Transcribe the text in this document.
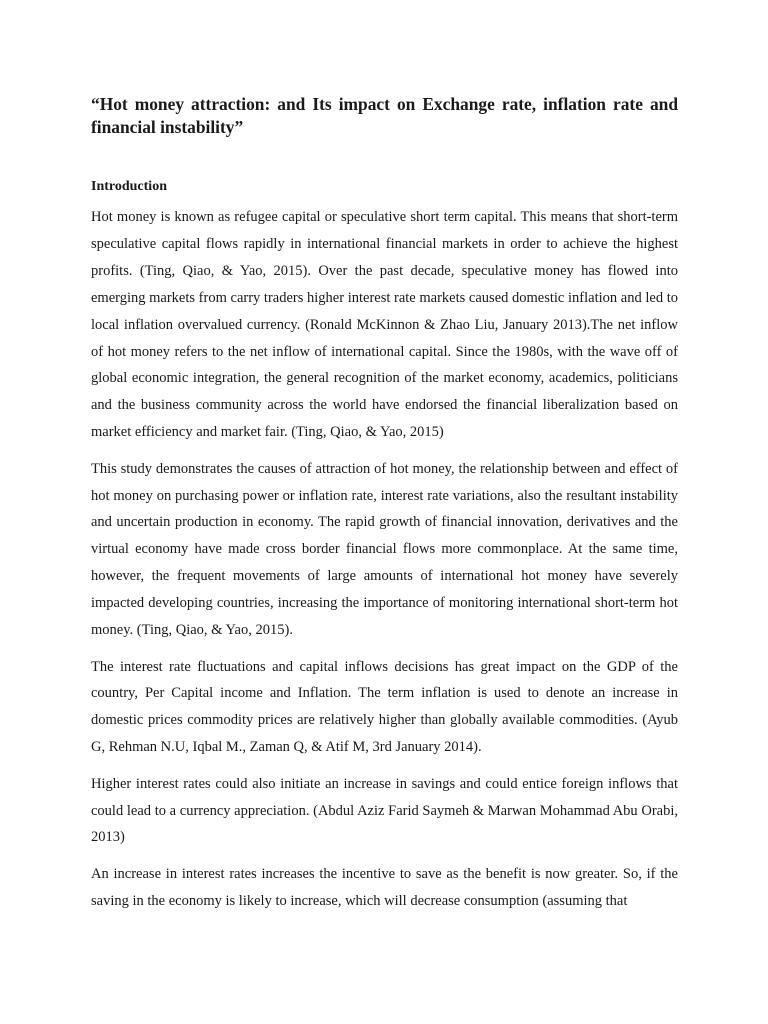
“Hot money attraction: and Its impact on Exchange rate, inflation rate and financial instability”
Introduction

Hot money is known as refugee capital or speculative short term capital. This means that short-term speculative capital flows rapidly in international financial markets in order to achieve the highest profits. (Ting, Qiao, & Yao, 2015). Over the past decade, speculative money has flowed into emerging markets from carry traders higher interest rate markets caused domestic inflation and led to local inflation overvalued currency. (Ronald McKinnon & Zhao Liu, January 2013).The net inflow of hot money refers to the net inflow of international capital. Since the 1980s, with the wave off of global economic integration, the general recognition of the market economy, academics, politicians and the business community across the world have endorsed the financial liberalization based on market efficiency and market fair. (Ting, Qiao, & Yao, 2015)

This study demonstrates the causes of attraction of hot money, the relationship between and effect of hot money on purchasing power or inflation rate, interest rate variations, also the resultant instability and uncertain production in economy. The rapid growth of financial innovation, derivatives and the virtual economy have made cross border financial flows more commonplace. At the same time, however, the frequent movements of large amounts of international hot money have severely impacted developing countries, increasing the importance of monitoring international short-term hot money. (Ting, Qiao, & Yao, 2015).

The interest rate fluctuations and capital inflows decisions has great impact on the GDP of the country, Per Capital income and Inflation. The term inflation is used to denote an increase in domestic prices commodity prices are relatively higher than globally available commodities. (Ayub G, Rehman N.U, Iqbal M., Zaman Q, & Atif M, 3rd January 2014).

Higher interest rates could also initiate an increase in savings and could entice foreign inflows that could lead to a currency appreciation. (Abdul Aziz Farid Saymeh & Marwan Mohammad Abu Orabi, 2013)

An increase in interest rates increases the incentive to save as the benefit is now greater. So, if the saving in the economy is likely to increase, which will decrease consumption (assuming that
